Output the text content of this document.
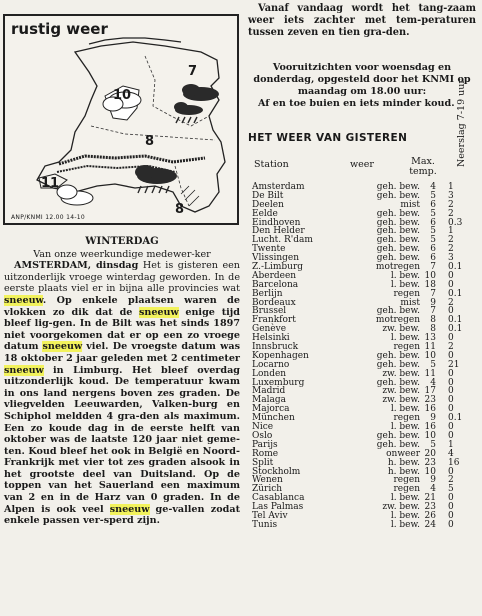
rustig weer
7
10
8
11
8
ANP/KNMI 12.00 14-10
WINTERDAG
Van onze weerkundige medewer-ker

AMSTERDAM, dinsdag Het is gisteren een uitzonderlijk vroege winterdag geworden. In de eerste plaats viel er in bijna alle provincies wat sneeuw. Op enkele plaatsen waren de vlokken zo dik dat de sneeuw enige tijd bleef lig-gen. In de Bilt was het sinds 1897 niet voorgekomen dat er op een zo vroege datum sneeuw viel. De vroegste datum was 18 oktober 2 jaar geleden met 2 centimeter sneeuw in Limburg. Het bleef overdag uitzonderlijk koud. De temperatuur kwam in ons land nergens boven zes graden. De vliegvelden Leeuwarden, Valken-burg en Schiphol meldden 4 gra-den als maximum. Een zo koude dag in de eerste helft van oktober was de laatste 120 jaar niet geme-ten. Koud bleef het ook in België en Noord-Frankrijk met vier tot zes graden alsook in het grootste deel van Duitsland. Op de toppen van het Sauerland een maximum van 2 en in de Harz van 0 graden. In de Alpen is ook veel sneeuw ge-vallen zodat enkele passen ver-sperd zijn.

Vanaf vandaag wordt het tang-zaam weer iets zachter met tem-peraturen tussen zeven en tien gra-den.
Vooruitzichten voor woensdag en donderdag, opgesteld door het KNMI op maandag om 18.00 uur:
Af en toe buien en iets minder koud.
HET WEER VAN GISTEREN	Neerslag 7-19 uur
Station	weer	Max. temp.
Amsterdam	geh. bew.	4 1
De Bilt	geh. bew.	5 3
Deelen	mist	6 2
Eelde	geh. bew.	5 2
Eindhoven	geh. bew.	6 0.3
Den Helder	geh. bew.	5 1
Lucht. R'dam	geh. bew.	5 2
Twente	geh. bew.	6 2
Vlissingen	geh. bew.	6 3
Z.-Limburg	motregen	7 0.1
Aberdeen	l. bew. 10 0
Barcelona	l. bew. 18 0
Berlijn	regen	7 0.1
Bordeaux	mist	9 2
Brussel	geh. bew.	7 0
Frankfort	motregen	8 0.1
Genève	zw. bew.	8 0.1
Helsinki	l. bew. 13 0
Innsbruck	regen 11 2
Kopenhagen	geh. bew. 10 0
Locarno	geh. bew.	5 21
Londen	zw. bew. 11 0
Luxemburg	geh. bew.	4 0
Madrid	zw. bew. 17 0
Malaga	zw. bew. 23 0
Majorca	l. bew. 16 0
München	regen	9 0.1
Nice	l. bew. 16 0
Oslo	geh. bew. 10 0
Parijs	geh. bew.	5 1
Rome	onweer 20 4
Split	h. bew. 23 16
Stockholm	h. bew. 10 0
Wenen	regen	9 2
Zürich	regen	4 5
Casablanca	l. bew. 21 0
Las Palmas	zw. bew. 23 0
Tel Aviv	l. bew. 26 0
Tunis	l. bew. 24 0
